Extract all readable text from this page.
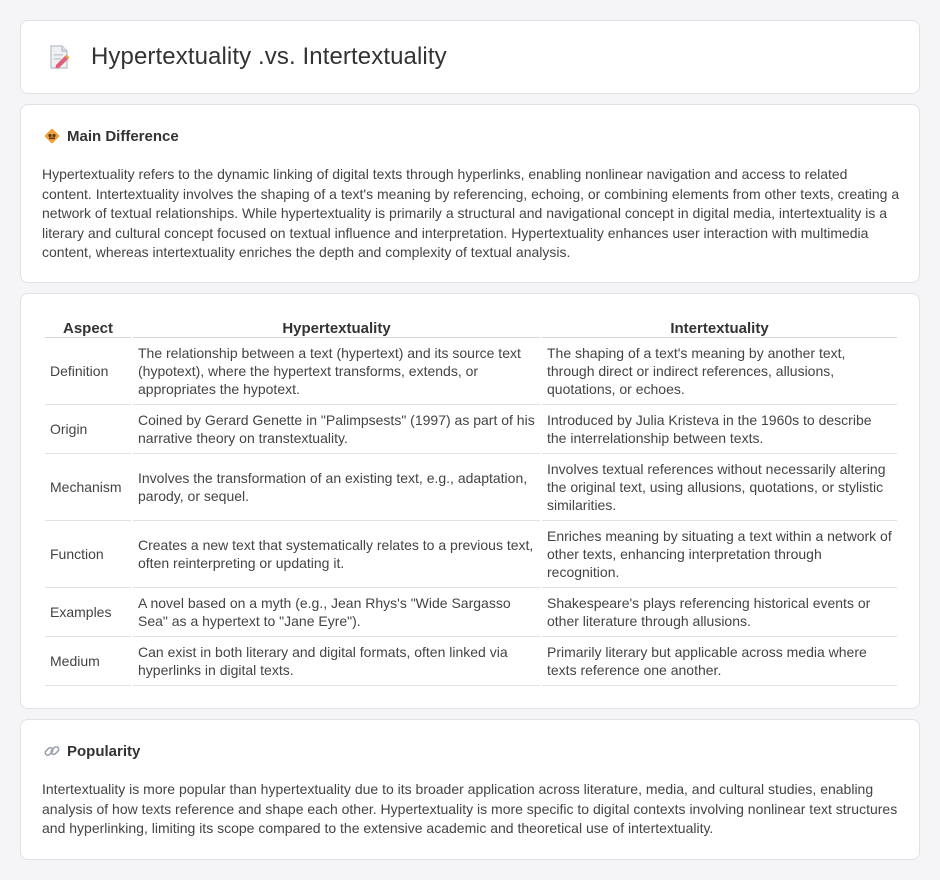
Hypertextuality .vs. Intertextuality
Main Difference

Hypertextuality refers to the dynamic linking of digital texts through hyperlinks, enabling nonlinear navigation and access to related content. Intertextuality involves the shaping of a text's meaning by referencing, echoing, or combining elements from other texts, creating a network of textual relationships. While hypertextuality is primarily a structural and navigational concept in digital media, intertextuality is a literary and cultural concept focused on textual influence and interpretation. Hypertextuality enhances user interaction with multimedia content, whereas intertextuality enriches the depth and complexity of textual analysis.

Aspect	Hypertextuality	Intertextuality
Definition	The relationship between a text (hypertext) and its source text (hypotext), where the hypertext transforms, extends, or appropriates the hypotext.	The shaping of a text's meaning by another text, through direct or indirect references, allusions, quotations, or echoes.
Origin	Coined by Gerard Genette in "Palimpsests" (1997) as part of his narrative theory on transtextuality.	Introduced by Julia Kristeva in the 1960s to describe the interrelationship between texts.
Mechanism	Involves the transformation of an existing text, e.g., adaptation, parody, or sequel.	Involves textual references without necessarily altering the original text, using allusions, quotations, or stylistic similarities.
Function	Creates a new text that systematically relates to a previous text, often reinterpreting or updating it.	Enriches meaning by situating a text within a network of other texts, enhancing interpretation through recognition.
Examples	A novel based on a myth (e.g., Jean Rhys's "Wide Sargasso Sea" as a hypertext to "Jane Eyre").	Shakespeare's plays referencing historical events or other literature through allusions.
Medium	Can exist in both literary and digital formats, often linked via hyperlinks in digital texts.	Primarily literary but applicable across media where texts reference one another.
Popularity

Intertextuality is more popular than hypertextuality due to its broader application across literature, media, and cultural studies, enabling analysis of how texts reference and shape each other. Hypertextuality is more specific to digital contexts involving nonlinear text structures and hyperlinking, limiting its scope compared to the extensive academic and theoretical use of intertextuality.
